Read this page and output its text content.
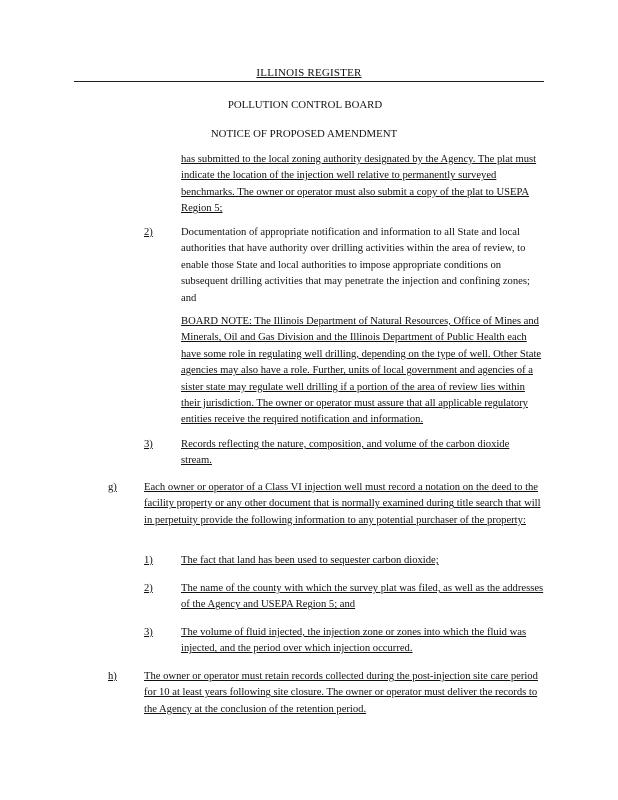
ILLINOIS REGISTER
POLLUTION CONTROL BOARD
NOTICE OF PROPOSED AMENDMENT

has submitted to the local zoning authority designated by the Agency. The plat must indicate the location of the injection well relative to permanently surveyed benchmarks. The owner or operator must also submit a copy of the plat to USEPA Region 5;

2)	Documentation of appropriate notification and information to all State and local authorities that have authority over drilling activities within the area of review, to enable those State and local authorities to impose appropriate conditions on subsequent drilling activities that may penetrate the injection and confining zones; and

BOARD NOTE: The Illinois Department of Natural Resources, Office of Mines and Minerals, Oil and Gas Division and the Illinois Department of Public Health each have some role in regulating well drilling, depending on the type of well. Other State agencies may also have a role. Further, units of local government and agencies of a sister state may regulate well drilling if a portion of the area of review lies within their jurisdiction. The owner or operator must assure that all applicable regulatory entities receive the required notification and information.

3)	Records reflecting the nature, composition, and volume of the carbon dioxide stream.

g)	Each owner or operator of a Class VI injection well must record a notation on the deed to the facility property or any other document that is normally examined during title search that will in perpetuity provide the following information to any potential purchaser of the property:

1)	The fact that land has been used to sequester carbon dioxide;

2)	The name of the county with which the survey plat was filed, as well as the addresses of the Agency and USEPA Region 5; and

3)	The volume of fluid injected, the injection zone or zones into which the fluid was injected, and the period over which injection occurred.

h)	The owner or operator must retain records collected during the post-injection site care period for 10 at least years following site closure. The owner or operator must deliver the records to the Agency at the conclusion of the retention period.
